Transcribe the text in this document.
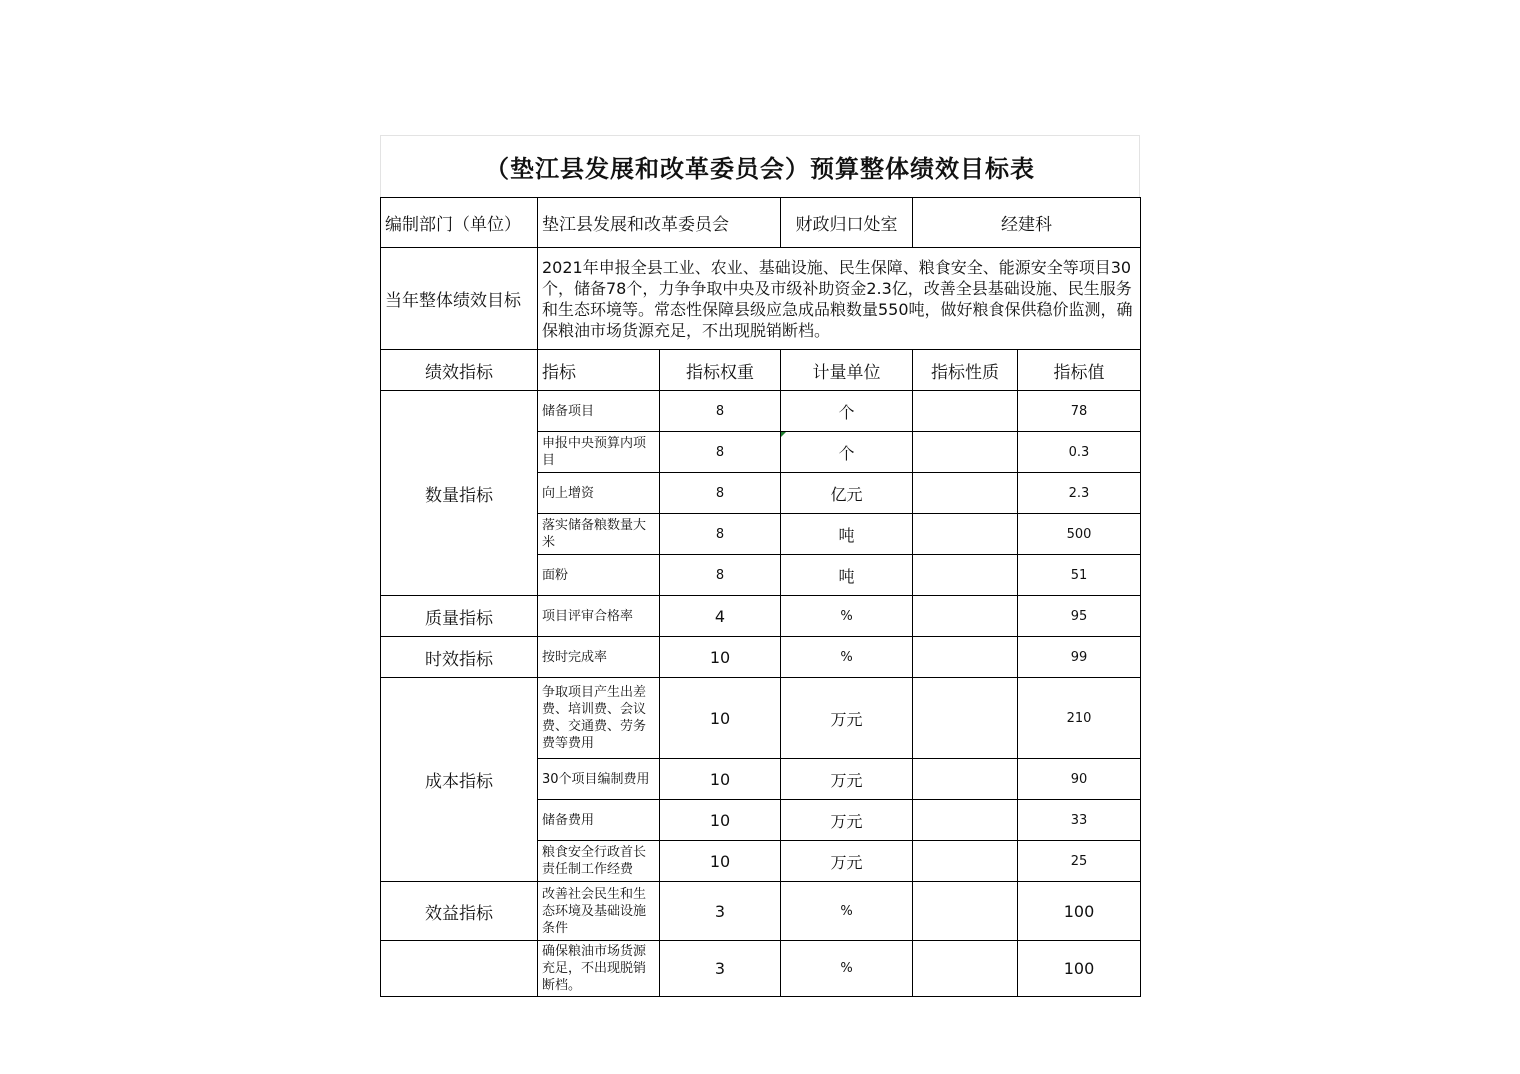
（垫江县发展和改革委员会）预算整体绩效目标表
编制部门（单位）	垫江县发展和改革委员会		财政归口处室	经建科	
当年整体绩效目标	2021年申报全县工业、农业、基础设施、民生保障、粮食安全、能源安全等项目30个，储备78个，力争争取中央及市级补助资金2.3亿，改善全县基础设施、民生服务和生态环境等。常态性保障县级应急成品粮数量550吨，做好粮食保供稳价监测，确保粮油市场货源充足，不出现脱销断档。				
绩效指标	指标	指标权重	计量单位	指标性质	指标值
数量指标	储备项目	8	个		78
	申报中央预算内项目	8	个		0.3
	向上增资	8	亿元		2.3
	落实储备粮数量大米	8	吨		500
	面粉	8	吨		51
质量指标	项目评审合格率	4	%		95
时效指标	按时完成率	10	%		99
成本指标	争取项目产生出差费、培训费、会议费、交通费、劳务费等费用	10	万元		210
	30个项目编制费用	10	万元		90
	储备费用	10	万元		33
	粮食安全行政首长责任制工作经费	10	万元		25
效益指标	改善社会民生和生态环境及基础设施条件	3	%		100
	确保粮油市场货源充足，不出现脱销断档。	3	%		100
